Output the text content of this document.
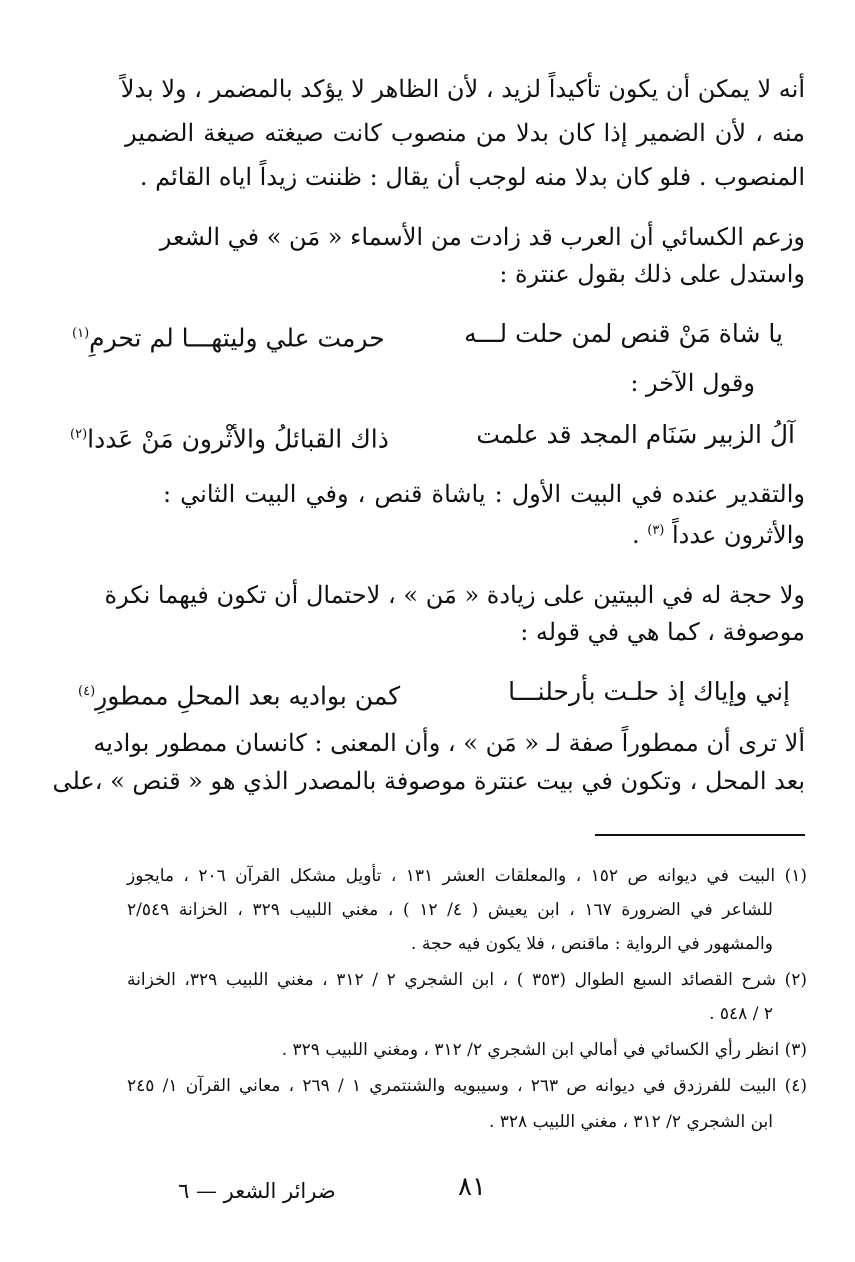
أنه لا يمكن أن يكون تأكيداً لزيد ، لأن الظاهر لا يؤكد بالمضمر ، ولا بدلاً
منه ، لأن الضمير إذا كان بدلا من منصوب كانت صيغته صيغة الضمير
المنصوب . فلو كان بدلا منه لوجب أن يقال : ظننت زيداً اياه القائم .
وزعم الكسائي أن العرب قد زادت من الأسماء « مَن » في الشعر
واستدل على ذلك بقول عنترة :
يا شاة مَنْ قنص لمن حلت لـــه
حرمت علي وليتهـــا لم تحرمِ$^{(١)}$
وقول الآخر :
آلُ الزبير سَنَام المجد قد علمت
ذاك القبائلُ والأثْرون مَنْ عَددا$^{(٢)}$
والتقدير عنده في البيت الأول : ياشاة قنص ، وفي البيت الثاني :
والأثرون عدداً $^{(٣)}$ .
ولا حجة له في البيتين على زيادة « مَن » ، لاحتمال أن تكون فيهما نكرة
موصوفة ، كما هي في قوله :
إني وإياك إذ حلـت بأرحلنـــا
كمن بواديه بعد المحلِ ممطورِ$^{(٤)}$
ألا ترى أن ممطوراً صفة لـ « مَن » ، وأن المعنى : كانسان ممطور بواديه
بعد المحل ، وتكون في بيت عنترة موصوفة بالمصدر الذي هو « قنص » ،على
(١) البيت في ديوانه ص ١٥٢ ، والمعلقات العشر ١٣١ ، تأويل مشكل القرآن ٢٠٦ ، مايجوز
للشاعر في الضرورة ١٦٧ ، ابن يعيش ( ٤/ ١٢ ) ، مغني اللبيب ٣٢٩ ، الخزانة ٢/٥٤٩
والمشهور في الرواية : ماقنص ، فلا يكون فيه حجة .
(٢) شرح القصائد السبع الطوال (٣٥٣ ) ، ابن الشجري ٢ / ٣١٢ ، مغني اللبيب ٣٢٩، الخزانة
٢ / ٥٤٨ .
(٣) انظر رأي الكسائي في أمالي ابن الشجري ٢/ ٣١٢ ، ومغني اللبيب ٣٢٩ .
(٤) البيت للفرزدق في ديوانه ص ٢٦٣ ، وسيبويه والشنتمري ١ / ٢٦٩ ، معاني القرآن ١/ ٢٤٥
ابن الشجري ٢/ ٣١٢ ، مغني اللبيب ٣٢٨ .
٨١
ضرائر الشعر — ٦
